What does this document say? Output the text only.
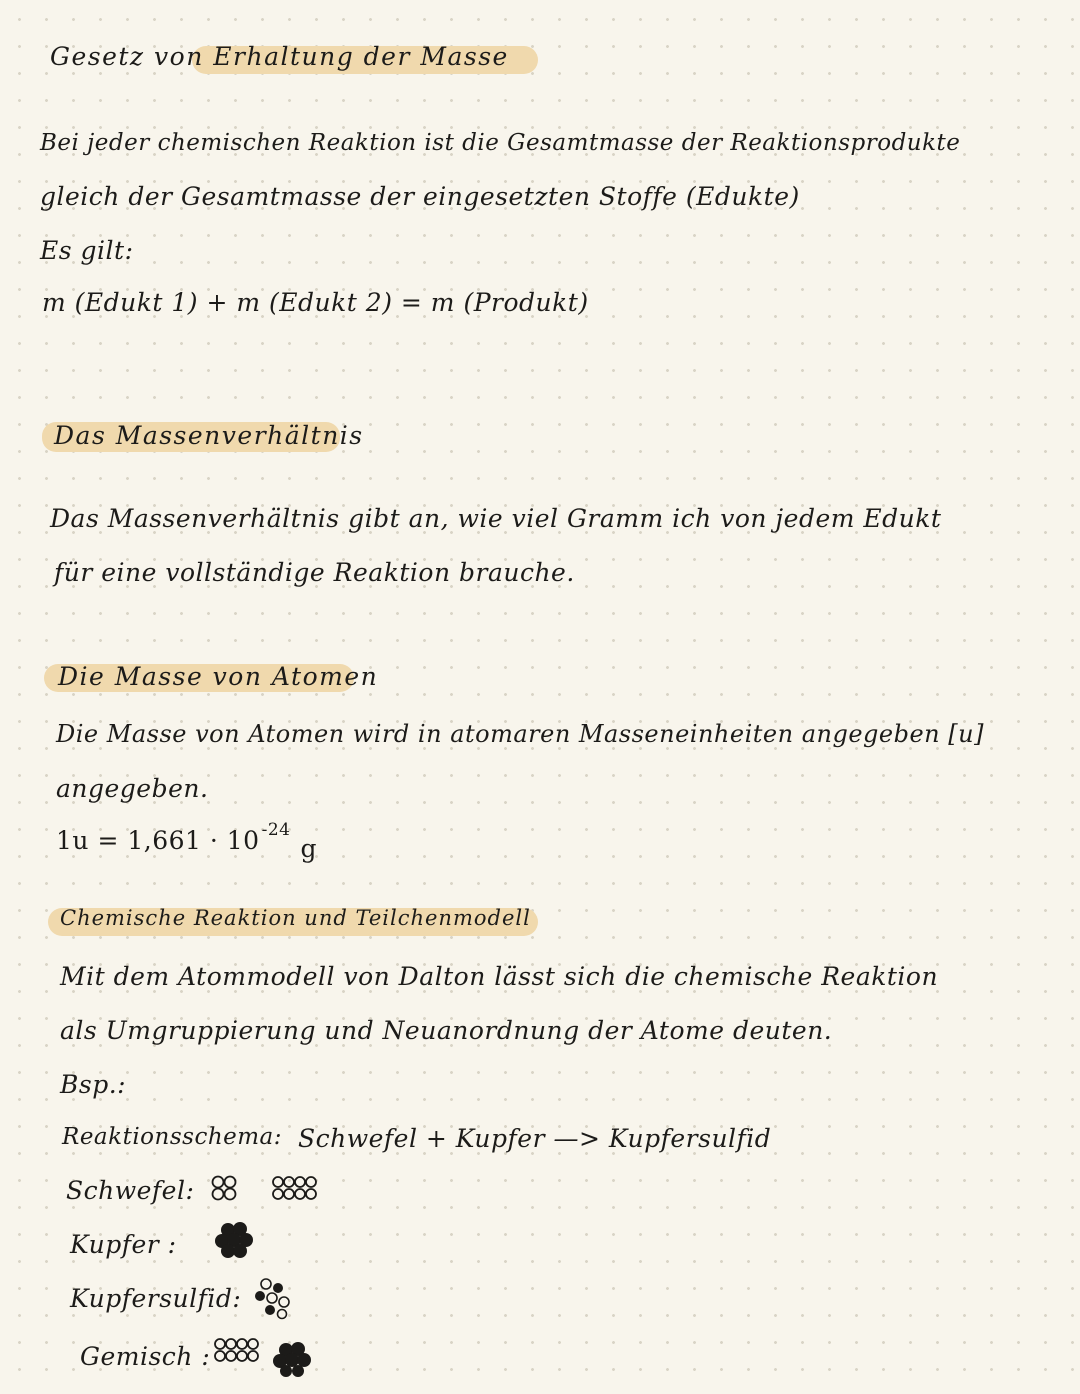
Gesetz von Erhaltung der Masse
Bei jeder chemischen Reaktion ist die Gesamtmasse der Reaktionsprodukte
gleich der Gesamtmasse der eingesetzten Stoffe (Edukte)
Es gilt:
m (Edukt 1) + m (Edukt 2) = m (Produkt)
Das Massenverhältnis
Das Massenverhältnis gibt an, wie viel Gramm ich von jedem Edukt
für eine vollständige Reaktion brauche.
Die Masse von Atomen
Die Masse von Atomen wird in atomaren Masseneinheiten angegeben [u]
angegeben.
1u = 1,661 · 10 $^{-24}$g
Chemische Reaktion und Teilchenmodell
Mit dem Atommodell von Dalton lässt sich die chemische Reaktion
als Umgruppierung und Neuanordnung der Atome deuten.
Bsp.:
Reaktionsschema: Schwefel + Kupfer —> Kupfersulfid
Schwefel:
Kupfer :
Kupfersulfid:
Gemisch :
